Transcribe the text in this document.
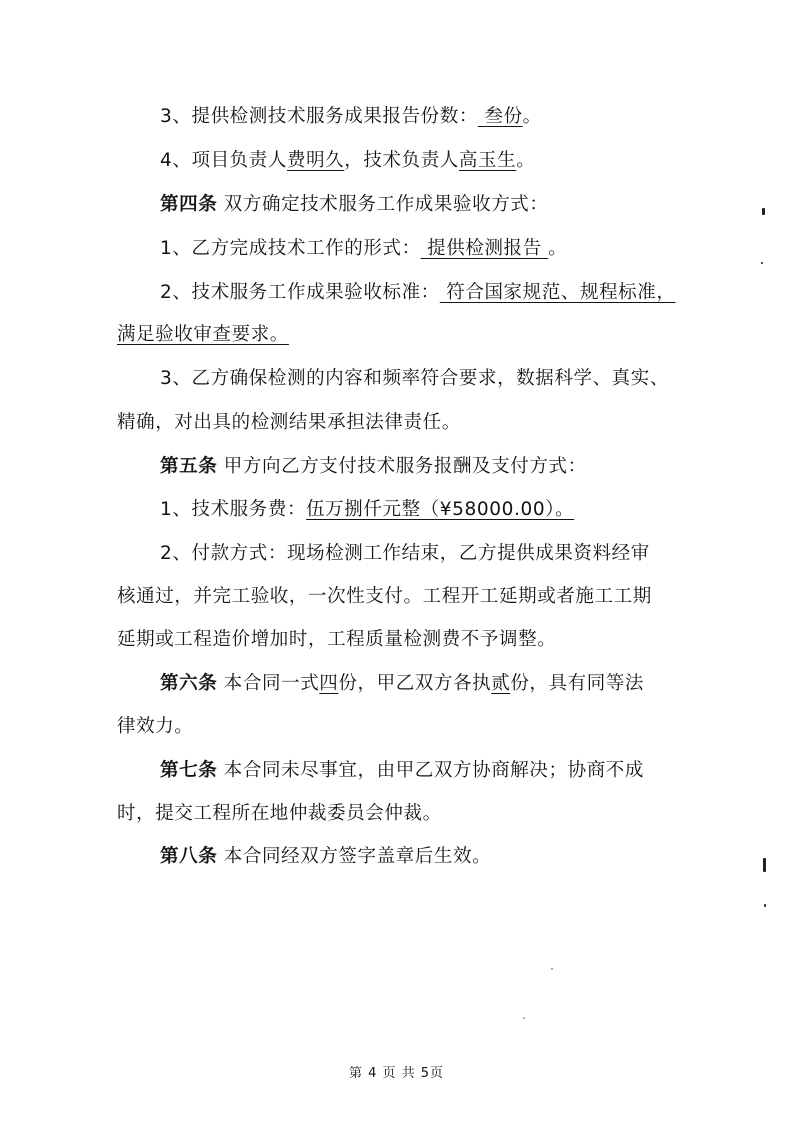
3、提供检测技术服务成果报告份数： 叁份。
4、项目负责人费明久，技术负责人高玉生。
第四条 双方确定技术服务工作成果验收方式：
1、乙方完成技术工作的形式： 提供检测报告 。
2、技术服务工作成果验收标准： 符合国家规范、规程标准，
满足验收审查要求。
3、乙方确保检测的内容和频率符合要求，数据科学、真实、
精确，对出具的检测结果承担法律责任。
第五条 甲方向乙方支付技术服务报酬及支付方式：
1、技术服务费：伍万捌仟元整（¥58000.00）。
2、付款方式：现场检测工作结束，乙方提供成果资料经审
核通过，并完工验收，一次性支付。工程开工延期或者施工工期
延期或工程造价增加时，工程质量检测费不予调整。
第六条 本合同一式四份，甲乙双方各执贰份，具有同等法
律效力。
第七条 本合同未尽事宜，由甲乙双方协商解决；协商不成
时，提交工程所在地仲裁委员会仲裁。
第八条 本合同经双方签字盖章后生效。
第 4 页 共 5页
